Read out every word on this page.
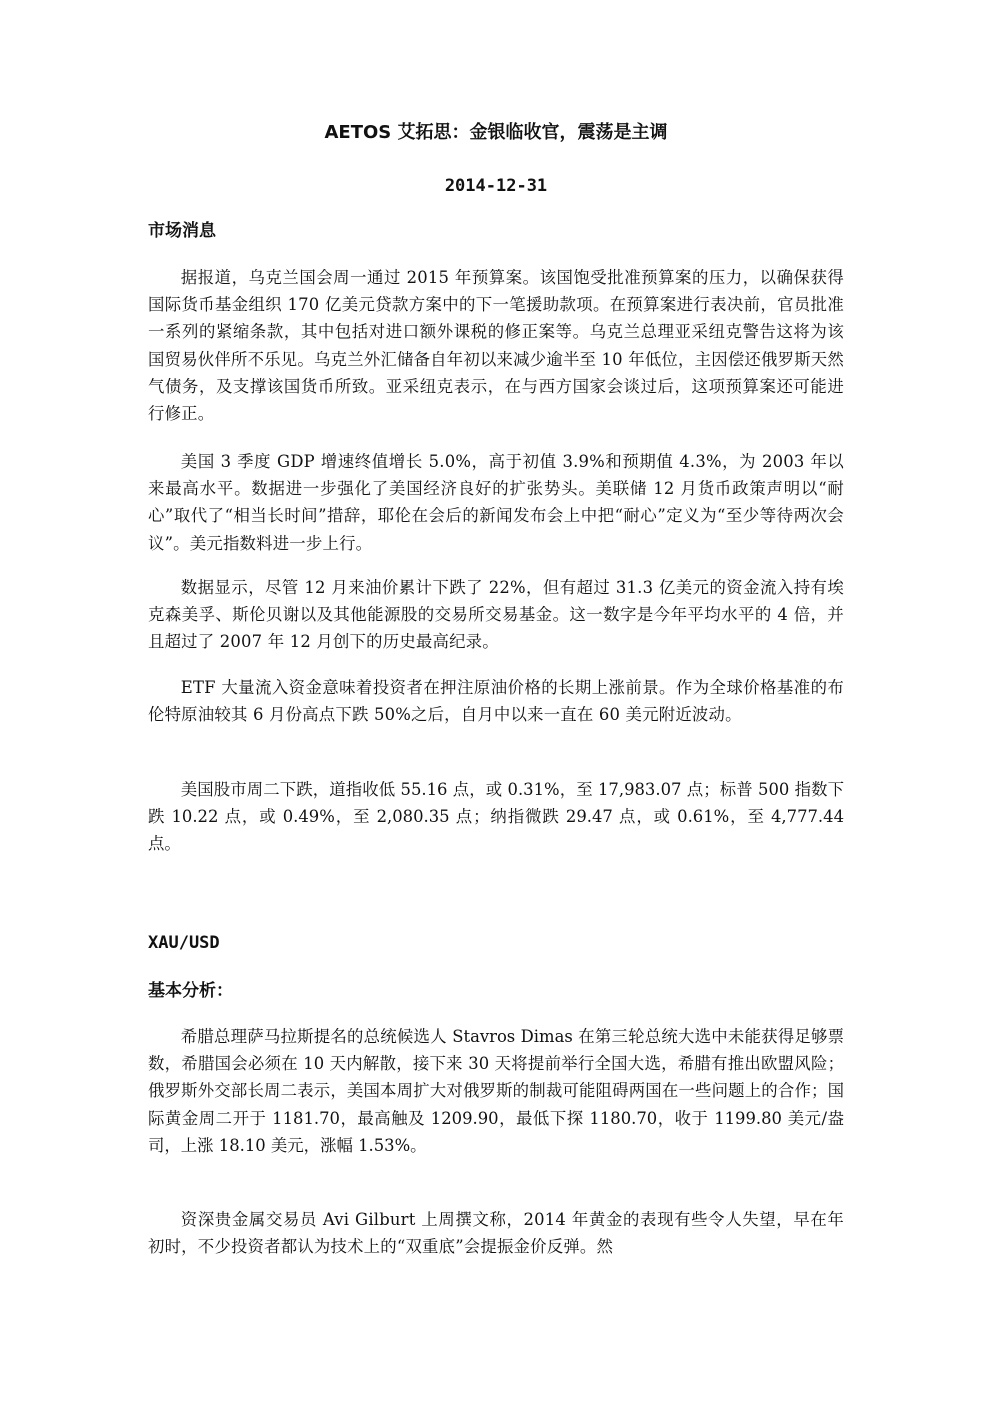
AETOS 艾拓思：金银临收官，震荡是主调
2014-12-31
市场消息

据报道，乌克兰国会周一通过 2015 年预算案。该国饱受批准预算案的压力，以确保获得国际货币基金组织 170 亿美元贷款方案中的下一笔援助款项。在预算案进行表决前，官员批准一系列的紧缩条款，其中包括对进口额外课税的修正案等。乌克兰总理亚采纽克警告这将为该国贸易伙伴所不乐见。乌克兰外汇储备自年初以来减少逾半至 10 年低位，主因偿还俄罗斯天然气债务，及支撑该国货币所致。亚采纽克表示，在与西方国家会谈过后，这项预算案还可能进行修正。

美国 3 季度 GDP 增速终值增长 5.0%，高于初值 3.9%和预期值 4.3%，为 2003 年以来最高水平。数据进一步强化了美国经济良好的扩张势头。美联储 12 月货币政策声明以“耐心”取代了“相当长时间”措辞，耶伦在会后的新闻发布会上中把“耐心”定义为“至少等待两次会议”。美元指数料进一步上行。

数据显示，尽管 12 月来油价累计下跌了 22%，但有超过 31.3 亿美元的资金流入持有埃克森美孚、斯伦贝谢以及其他能源股的交易所交易基金。这一数字是今年平均水平的 4 倍，并且超过了 2007 年 12 月创下的历史最高纪录。

ETF 大量流入资金意味着投资者在押注原油价格的长期上涨前景。作为全球价格基准的布伦特原油较其 6 月份高点下跌 50%之后，自月中以来一直在 60 美元附近波动。

美国股市周二下跌，道指收低 55.16 点，或 0.31%，至 17,983.07 点；标普 500 指数下跌 10.22 点，或 0.49%，至 2,080.35 点；纳指微跌 29.47 点，或 0.61%，至 4,777.44 点。

XAU/USD
基本分析：

希腊总理萨马拉斯提名的总统候选人 Stavros Dimas 在第三轮总统大选中未能获得足够票数，希腊国会必须在 10 天内解散，接下来 30 天将提前举行全国大选，希腊有推出欧盟风险；俄罗斯外交部长周二表示，美国本周扩大对俄罗斯的制裁可能阻碍两国在一些问题上的合作；国际黄金周二开于 1181.70，最高触及 1209.90，最低下探 1180.70，收于 1199.80 美元/盎司，上涨 18.10 美元，涨幅 1.53%。

资深贵金属交易员 Avi Gilburt 上周撰文称，2014 年黄金的表现有些令人失望，早在年初时，不少投资者都认为技术上的“双重底”会提振金价反弹。然
